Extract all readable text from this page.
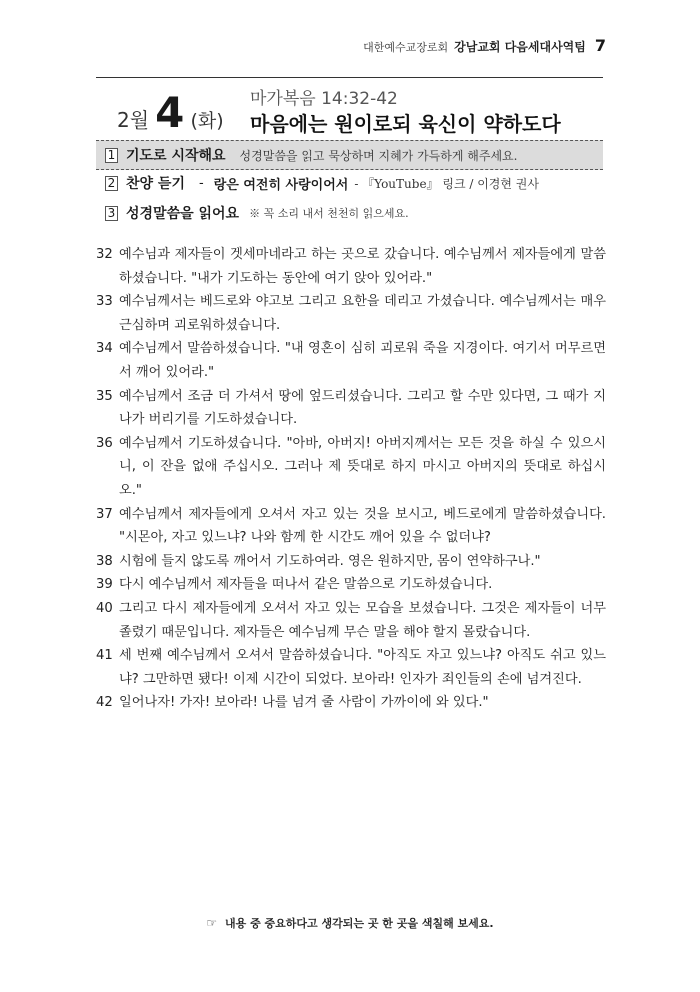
대한예수교장로회 강남교회 다음세대사역팀 7
2월 4 (화)
마가복음 14:32-42
마음에는 원이로되 육신이 약하도다
1 기도로 시작해요 성경말씀을 읽고 묵상하며 지혜가 가득하게 해주세요.
2 찬양 듣기 - 랑은 여전히 사랑이어서 - 『YouTube』 링크 / 이경현 권사
3 성경말씀을 읽어요 ※ 꼭 소리 내서 천천히 읽으세요.
32 예수님과 제자들이 겟세마네라고 하는 곳으로 갔습니다. 예수님께서 제자들에게 말씀하셨습니다. "내가 기도하는 동안에 여기 앉아 있어라."
33 예수님께서는 베드로와 야고보 그리고 요한을 데리고 가셨습니다. 예수님께서는 매우 근심하며 괴로워하셨습니다.
34 예수님께서 말씀하셨습니다. "내 영혼이 심히 괴로워 죽을 지경이다. 여기서 머무르면서 깨어 있어라."
35 예수님께서 조금 더 가셔서 땅에 엎드리셨습니다. 그리고 할 수만 있다면, 그 때가 지나가 버리기를 기도하셨습니다.
36 예수님께서 기도하셨습니다. "아바, 아버지! 아버지께서는 모든 것을 하실 수 있으시니, 이 잔을 없애 주십시오. 그러나 제 뜻대로 하지 마시고 아버지의 뜻대로 하십시오."
37 예수님께서 제자들에게 오셔서 자고 있는 것을 보시고, 베드로에게 말씀하셨습니다. "시몬아, 자고 있느냐? 나와 함께 한 시간도 깨어 있을 수 없더냐?
38 시험에 들지 않도록 깨어서 기도하여라. 영은 원하지만, 몸이 연약하구나."
39 다시 예수님께서 제자들을 떠나서 같은 말씀으로 기도하셨습니다.
40 그리고 다시 제자들에게 오셔서 자고 있는 모습을 보셨습니다. 그것은 제자들이 너무 졸렸기 때문입니다. 제자들은 예수님께 무슨 말을 해야 할지 몰랐습니다.
41 세 번째 예수님께서 오셔서 말씀하셨습니다. "아직도 자고 있느냐? 아직도 쉬고 있느냐? 그만하면 됐다! 이제 시간이 되었다. 보아라! 인자가 죄인들의 손에 넘겨진다.
42 일어나자! 가자! 보아라! 나를 넘겨 줄 사람이 가까이에 와 있다."
☞ 내용 중 중요하다고 생각되는 곳 한 곳을 색칠해 보세요.
